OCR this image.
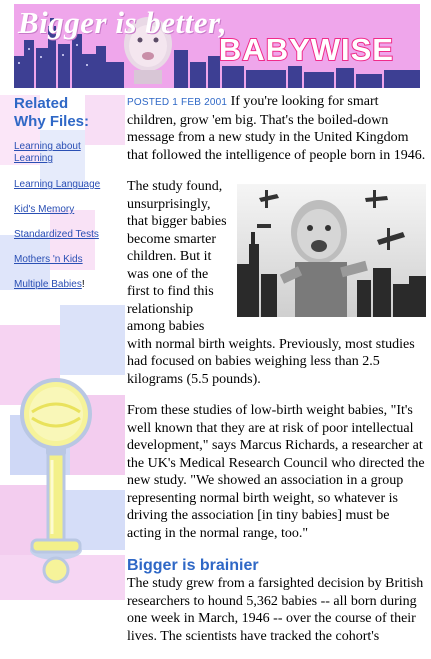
Bigger is better,

BABYWISE

Related
Why Files:
Learning about Learning
Learning Language
Kid's Memory
Standardized Tests
Mothers 'n Kids
Multiple Babies!

POSTED 1 FEB 2001 If you're looking for smart children, grow 'em big. That's the boiled-down message from a new study in the United Kingdom that followed the intelligence of people born in 1946.

The study found, unsurprisingly, that bigger babies become smarter children. But it was one of the first to find this relationship among babies with normal birth weights. Previously, most studies had focused on babies weighing less than 2.5 kilograms (5.5 pounds).

From these studies of low-birth weight babies, "It's well known that they are at risk of poor intellectual development," says Marcus Richards, a researcher at the UK's Medical Research Council who directed the new study. "We showed an association in a group representing normal birth weight, so whatever is driving the association [in tiny babies] must be acting in the normal range, too."

Bigger is brainier

The study grew from a farsighted decision by British researchers to hound 5,362 babies -- all born during one week in March, 1946 -- over the course of their lives. The scientists have tracked the cohort's
